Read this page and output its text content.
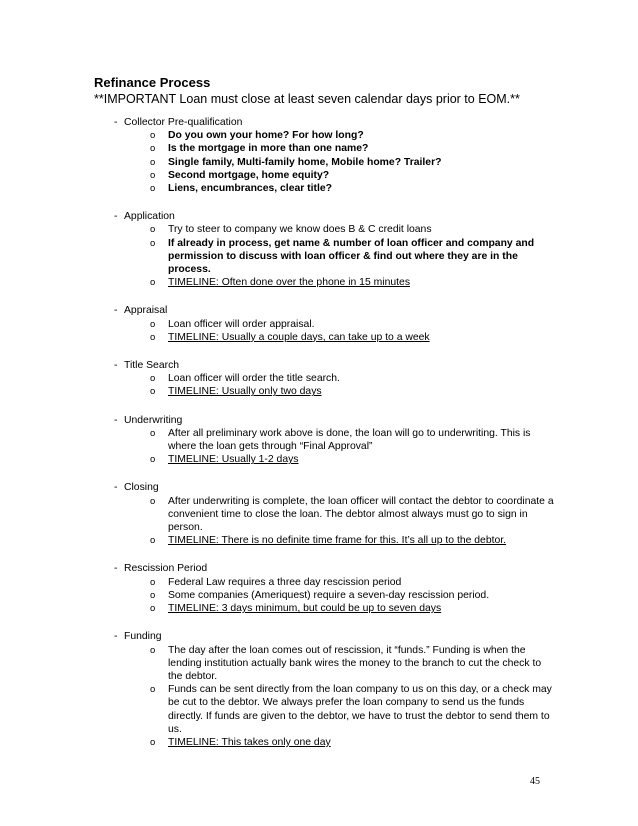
Refinance Process
**IMPORTANT Loan must close at least seven calendar days prior to EOM.**
- Collector Pre-qualification
o Do you own your home? For how long?
o Is the mortgage in more than one name?
o Single family, Multi-family home, Mobile home? Trailer?
o Second mortgage, home equity?
o Liens, encumbrances, clear title?
- Application
o Try to steer to company we know does B & C credit loans
o If already in process, get name & number of loan officer and company and permission to discuss with loan officer & find out where they are in the process.
o TIMELINE: Often done over the phone in 15 minutes
- Appraisal
o Loan officer will order appraisal.
o TIMELINE: Usually a couple days, can take up to a week
- Title Search
o Loan officer will order the title search.
o TIMELINE: Usually only two days
- Underwriting
o After all preliminary work above is done, the loan will go to underwriting. This is where the loan gets through “Final Approval”
o TIMELINE: Usually 1-2 days
- Closing
o After underwriting is complete, the loan officer will contact the debtor to coordinate a convenient time to close the loan. The debtor almost always must go to sign in person.
o TIMELINE: There is no definite time frame for this. It’s all up to the debtor.
- Rescission Period
o Federal Law requires a three day rescission period
o Some companies (Ameriquest) require a seven-day rescission period.
o TIMELINE: 3 days minimum, but could be up to seven days
- Funding
o The day after the loan comes out of rescission, it “funds.” Funding is when the lending institution actually bank wires the money to the branch to cut the check to the debtor.
o Funds can be sent directly from the loan company to us on this day, or a check may be cut to the debtor. We always prefer the loan company to send us the funds directly. If funds are given to the debtor, we have to trust the debtor to send them to us.
o TIMELINE: This takes only one day
45
